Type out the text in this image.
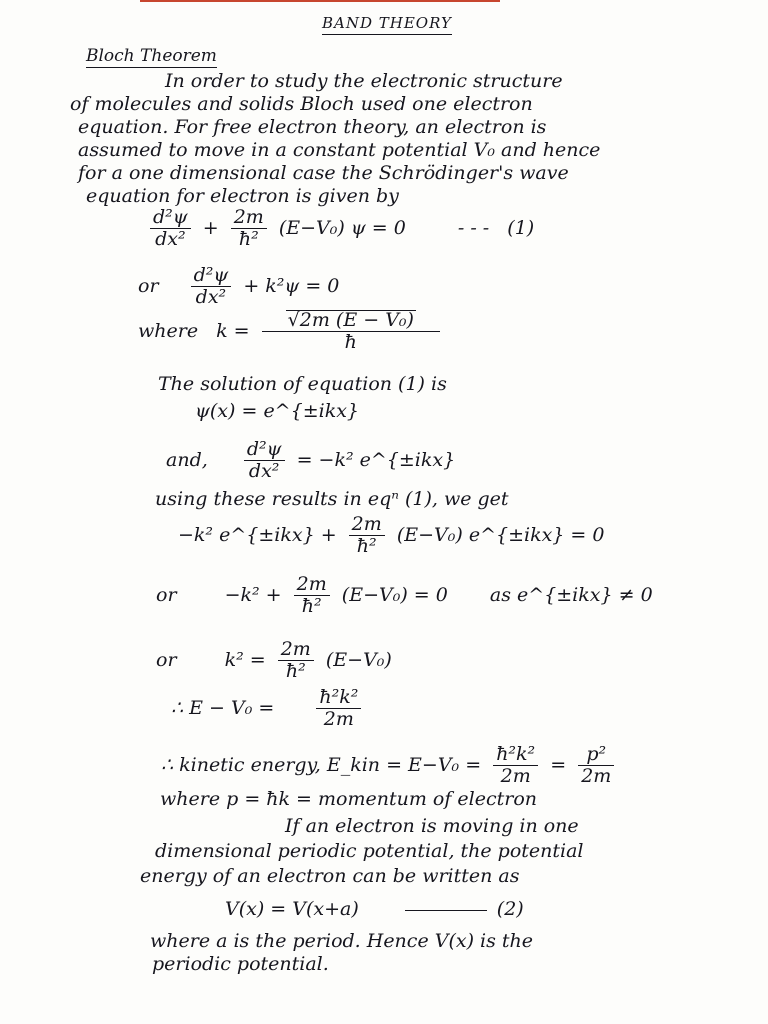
BAND THEORY
Bloch Theorem
In order to study the electronic structure
of molecules and solids Bloch used one electron
equation. For free electron theory, an electron is
assumed to move in a constant potential V₀ and hence
for a one dimensional case the Schrödinger's wave
equation for electron is given by
$\frac{\text{d²ψ}}{\text{dx²}} + \frac{2m}{\text{ħ²}} (E-V_0) \psi = 0$	- - - (1)
or $\frac{\text{d²ψ}}{\text{dx²}} + k^2\psi = 0$
where $k = \frac{\text{√2m (E − V₀)}}{ħ}$
The solution of equation (1) is
ψ(x) = e^{±ikx}
and, $\frac{\text{d²ψ}}{\text{dx²}} = -k^2$ e^{±ikx}
using these results in eqⁿ (1), we get
−k² e^{±ikx} + $\frac{2m}{\text{ħ²}} (E-V_0)$ e^{±ikx} = 0
or	$-k^2 + \frac{2m}{\text{ħ²}} (E-V_0) = 0$ as e^{±ikx} ≠ 0
or	$k^2 = \frac{2m}{\text{ħ²}} (E-V_0)$
∴ $E - V_0 = \frac{\text{ħ²k²}}{2m}$
∴ kinetic energy, E_kin = $E-V_0 = \frac{\text{ħ²k²}}{2m} = \frac{\text{p²}}{2m}$
where p = ħk = momentum of electron
If an electron is moving in one
dimensional periodic potential, the potential
energy of an electron can be written as
V(x) = V(x+a)	(2)
where a is the period. Hence V(x) is the
periodic potential.
